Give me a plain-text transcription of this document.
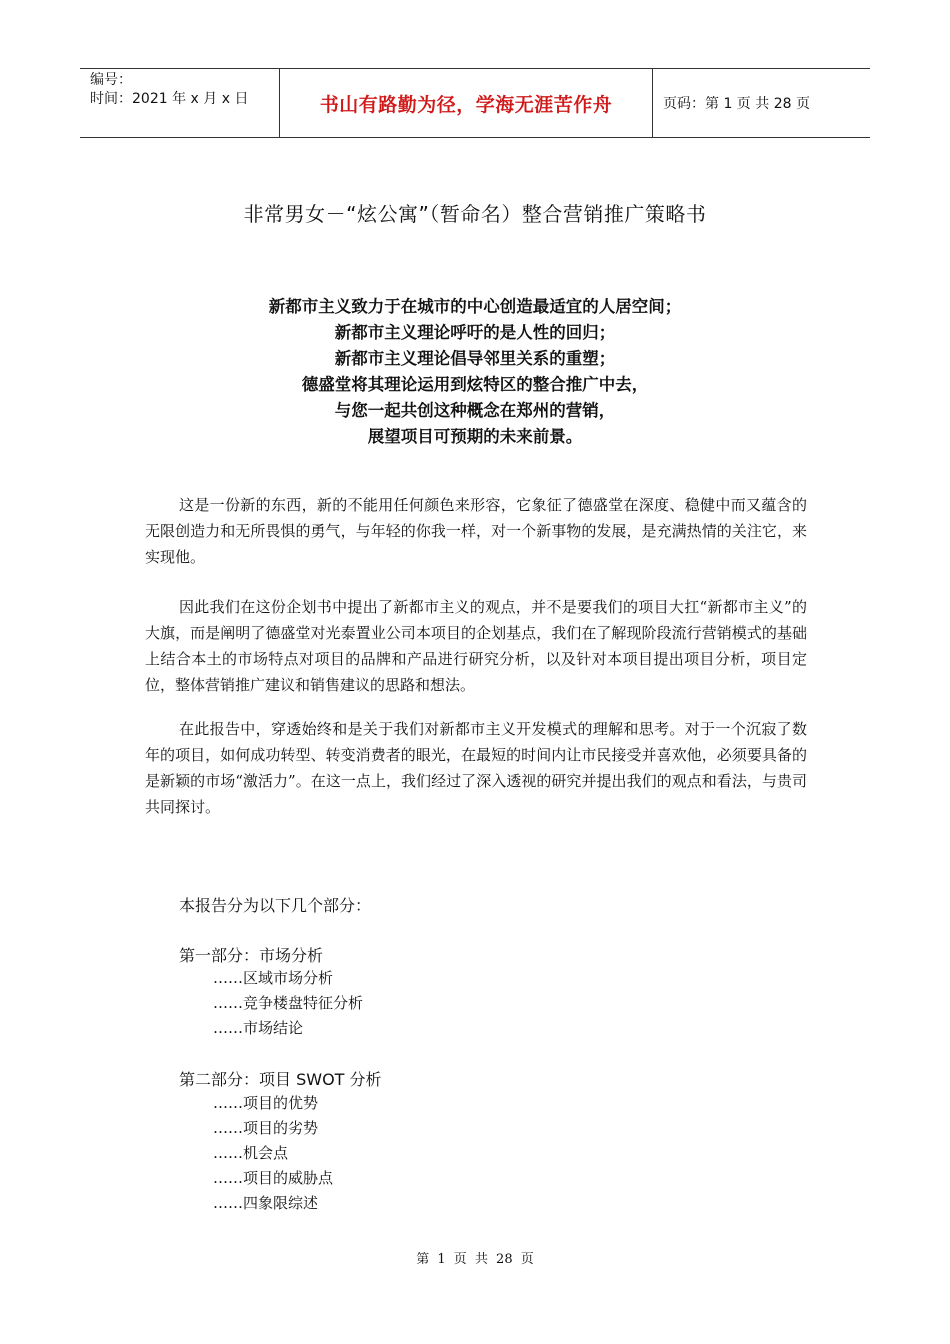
编号：
时间：2021 年 x 月 x 日	书山有路勤为径，学海无涯苦作舟	页码：第 1 页 共 28 页
非常男女－“炫公寓”（暂命名）整合营销推广策略书
新都市主义致力于在城市的中心创造最适宜的人居空间；
新都市主义理论呼吁的是人性的回归；
新都市主义理论倡导邻里关系的重塑；
德盛堂将其理论运用到炫特区的整合推广中去，
与您一起共创这种概念在郑州的营销，
展望项目可预期的未来前景。

这是一份新的东西，新的不能用任何颜色来形容，它象征了德盛堂在深度、稳健中而又蕴含的无限创造力和无所畏惧的勇气，与年轻的你我一样，对一个新事物的发展，是充满热情的关注它，来实现他。

因此我们在这份企划书中提出了新都市主义的观点，并不是要我们的项目大扛“新都市主义”的大旗，而是阐明了德盛堂对光泰置业公司本项目的企划基点，我们在了解现阶段流行营销模式的基础上结合本土的市场特点对项目的品牌和产品进行研究分析，以及针对本项目提出项目分析，项目定位，整体营销推广建议和销售建议的思路和想法。

在此报告中，穿透始终和是关于我们对新都市主义开发模式的理解和思考。对于一个沉寂了数年的项目，如何成功转型、转变消费者的眼光，在最短的时间内让市民接受并喜欢他，必须要具备的是新颖的市场“激活力”。在这一点上，我们经过了深入透视的研究并提出我们的观点和看法，与贵司共同探讨。

本报告分为以下几个部分：

第一部分：市场分析

……区域市场分析

……竞争楼盘特征分析

……市场结论

第二部分：项目 SWOT 分析

……项目的优势

……项目的劣势

……机会点

……项目的威胁点

……四象限综述

第 1 页 共 28 页
